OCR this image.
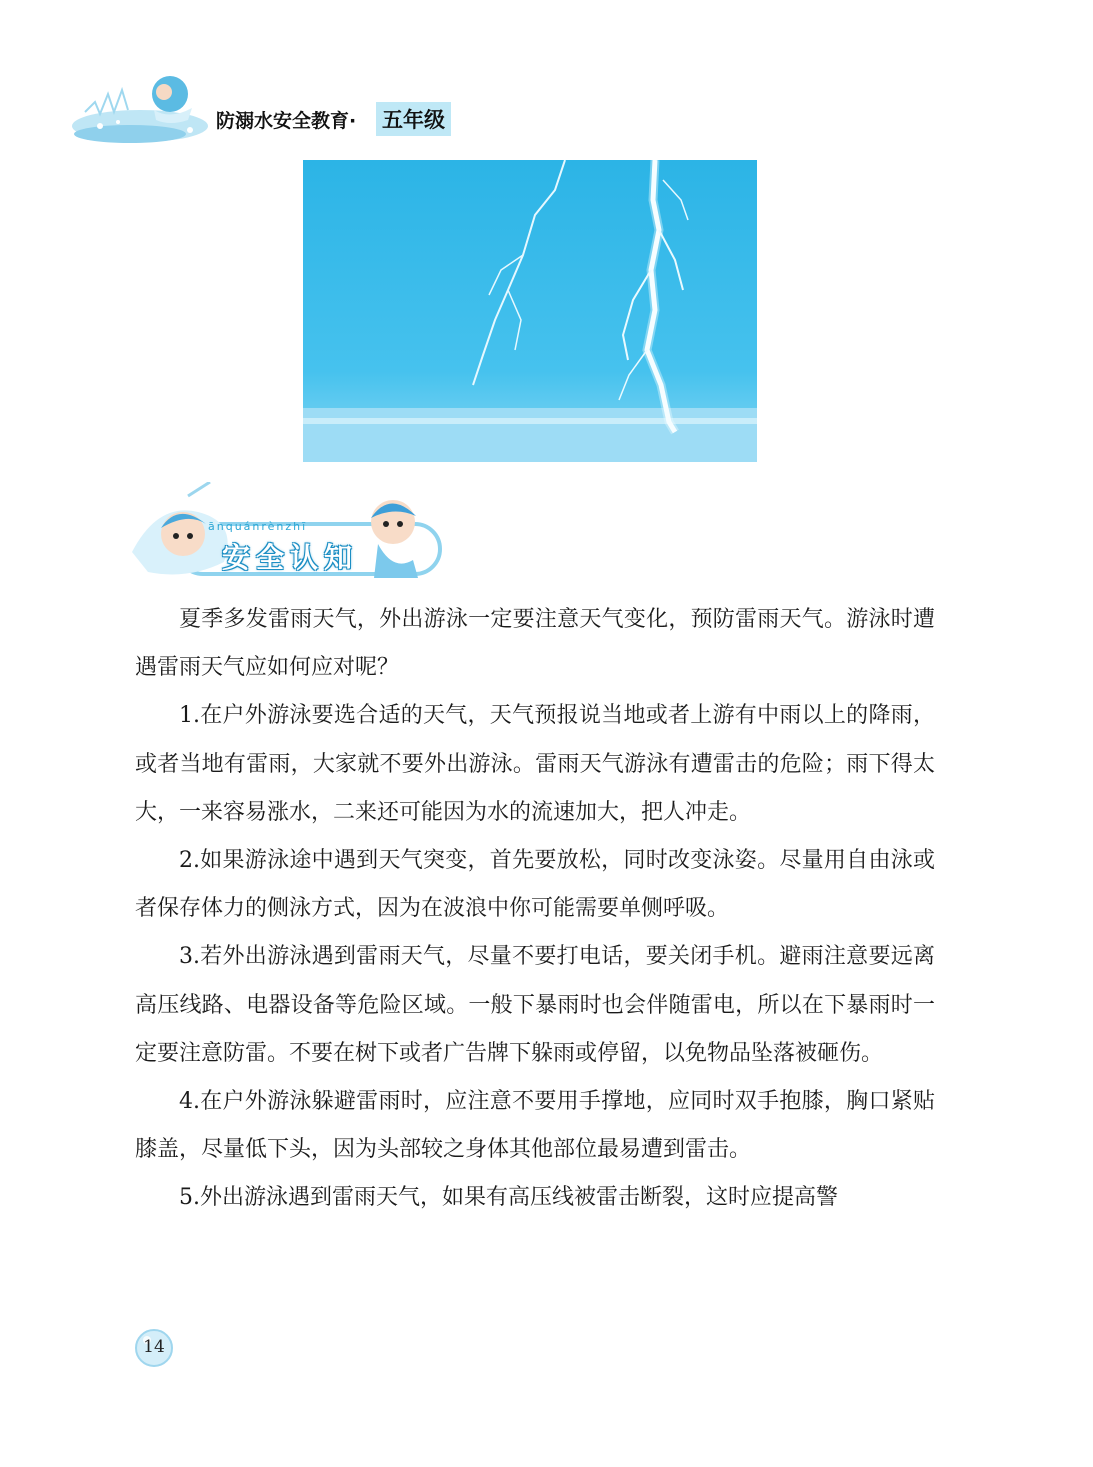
防溺水安全教育· 五年级
ānquánrènzhī
安全认知

夏季多发雷雨天气，外出游泳一定要注意天气变化，预防雷雨天气。游泳时遭遇雷雨天气应如何应对呢？

1.在户外游泳要选合适的天气，天气预报说当地或者上游有中雨以上的降雨，或者当地有雷雨，大家就不要外出游泳。雷雨天气游泳有遭雷击的危险；雨下得太大，一来容易涨水，二来还可能因为水的流速加大，把人冲走。

2.如果游泳途中遇到天气突变，首先要放松，同时改变泳姿。尽量用自由泳或者保存体力的侧泳方式，因为在波浪中你可能需要单侧呼吸。

3.若外出游泳遇到雷雨天气，尽量不要打电话，要关闭手机。避雨注意要远离高压线路、电器设备等危险区域。一般下暴雨时也会伴随雷电，所以在下暴雨时一定要注意防雷。不要在树下或者广告牌下躲雨或停留，以免物品坠落被砸伤。

4.在户外游泳躲避雷雨时，应注意不要用手撑地，应同时双手抱膝，胸口紧贴膝盖，尽量低下头，因为头部较之身体其他部位最易遭到雷击。

5.外出游泳遇到雷雨天气，如果有高压线被雷击断裂，这时应提高警

14
